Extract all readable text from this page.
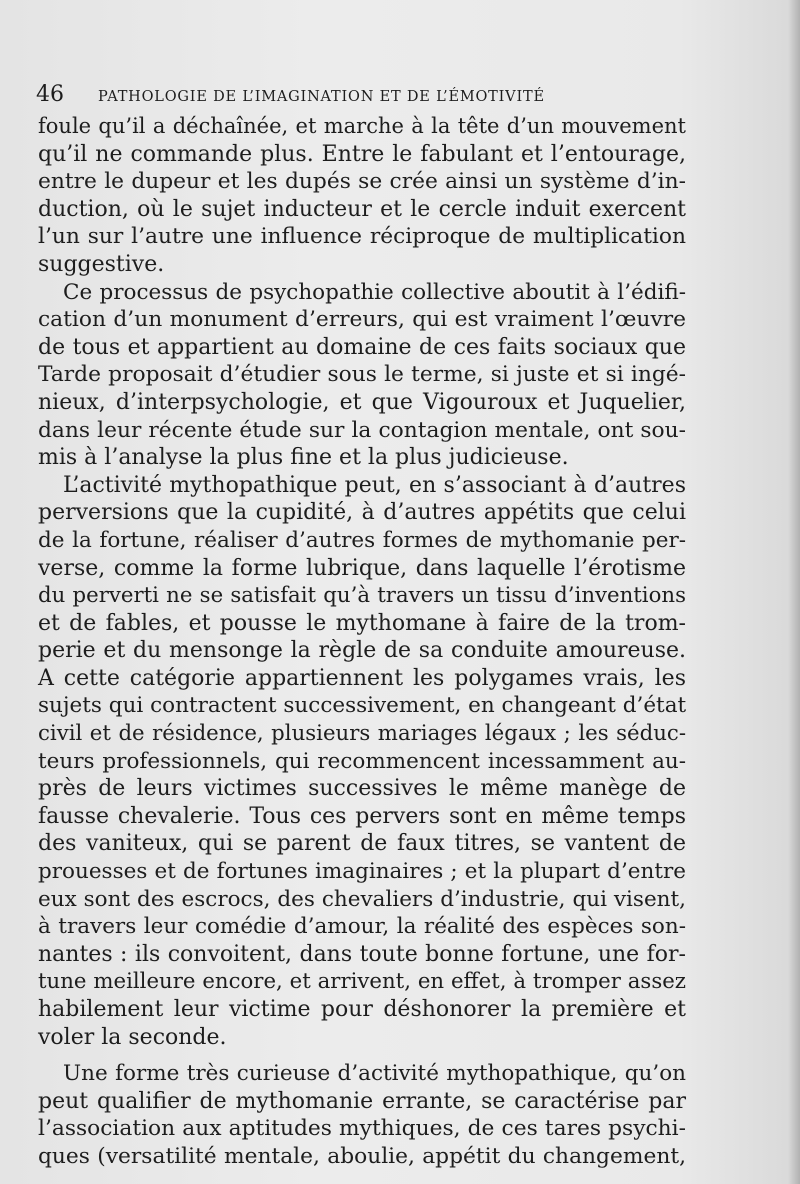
46	PATHOLOGIE DE L’IMAGINATION ET DE L’ÉMOTIVITÉ
foule qu’il a déchaînée, et marche à la tête d’un mouvement
qu’il ne commande plus. Entre le fabulant et l’entourage,
entre le dupeur et les dupés se crée ainsi un système d’in-
duction, où le sujet inducteur et le cercle induit exercent
l’un sur l’autre une influence réciproque de multiplication
suggestive.
Ce processus de psychopathie collective aboutit à l’édifi-
cation d’un monument d’erreurs, qui est vraiment l’œuvre
de tous et appartient au domaine de ces faits sociaux que
Tarde proposait d’étudier sous le terme, si juste et si ingé-
nieux, d’interpsychologie, et que Vigouroux et Juquelier,
dans leur récente étude sur la contagion mentale, ont sou-
mis à l’analyse la plus fine et la plus judicieuse.
L’activité mythopathique peut, en s’associant à d’autres
perversions que la cupidité, à d’autres appétits que celui
de la fortune, réaliser d’autres formes de mythomanie per-
verse, comme la forme lubrique, dans laquelle l’érotisme
du perverti ne se satisfait qu’à travers un tissu d’inventions
et de fables, et pousse le mythomane à faire de la trom-
perie et du mensonge la règle de sa conduite amoureuse.
A cette catégorie appartiennent les polygames vrais, les
sujets qui contractent successivement, en changeant d’état
civil et de résidence, plusieurs mariages légaux ; les séduc-
teurs professionnels, qui recommencent incessamment au-
près de leurs victimes successives le même manège de
fausse chevalerie. Tous ces pervers sont en même temps
des vaniteux, qui se parent de faux titres, se vantent de
prouesses et de fortunes imaginaires ; et la plupart d’entre
eux sont des escrocs, des chevaliers d’industrie, qui visent,
à travers leur comédie d’amour, la réalité des espèces son-
nantes : ils convoitent, dans toute bonne fortune, une for-
tune meilleure encore, et arrivent, en effet, à tromper assez
habilement leur victime pour déshonorer la première et
voler la seconde.
Une forme très curieuse d’activité mythopathique, qu’on
peut qualifier de mythomanie errante, se caractérise par
l’association aux aptitudes mythiques, de ces tares psychi-
ques (versatilité mentale, aboulie, appétit du changement,
